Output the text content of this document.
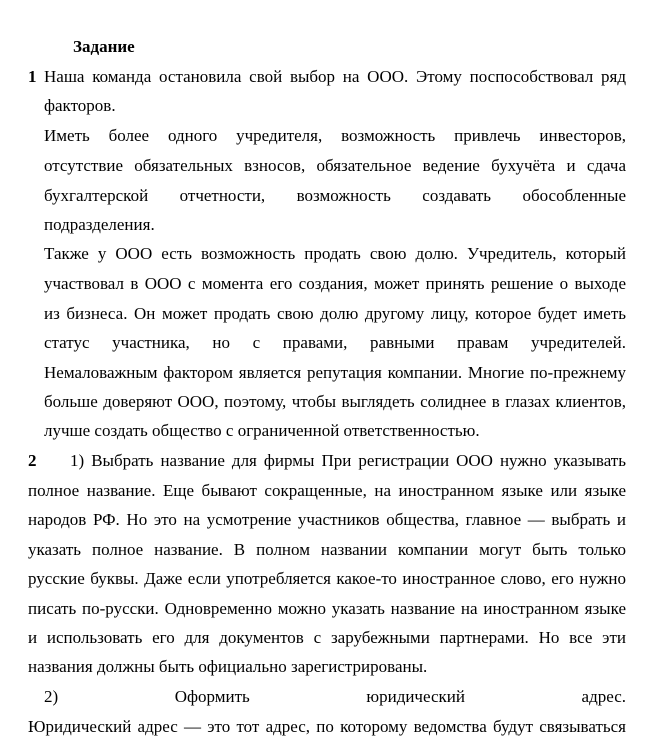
Задание
1 Наша команда остановила свой выбор на ООО. Этому поспособствовал ряд
факторов.
Иметь более одного учредителя, возможность привлечь инвесторов,
отсутствие обязательных взносов, обязательное ведение бухучёта и сдача
бухгалтерской отчетности, возможность создавать обособленные
подразделения.
Также у ООО есть возможность продать свою долю. Учредитель, который
участвовал в ООО с момента его создания, может принять решение о выходе
из бизнеса. Он может продать свою долю другому лицу, которое будет иметь
статус участника, но с правами, равными правам учредителей.
Немаловажным фактором является репутация компании. Многие по-прежнему
больше доверяют ООО, поэтому, чтобы выглядеть солиднее в глазах клиентов,
лучше создать общество с ограниченной ответственностью.
2 1) Выбрать название для фирмы При регистрации ООО нужно указывать
полное название. Еще бывают сокращенные, на иностранном языке или языке
народов РФ. Но это на усмотрение участников общества, главное — выбрать и
указать полное название. В полном названии компании могут быть только
русские буквы. Даже если употребляется какое-то иностранное слово, его нужно
писать по-русски. Одновременно можно указать название на иностранном языке
и использовать его для документов с зарубежными партнерами. Но все эти
названия должны быть официально зарегистрированы.
2) Оформить юридический адрес.
Юридический адрес — это тот адрес, по которому ведомства будут связываться
